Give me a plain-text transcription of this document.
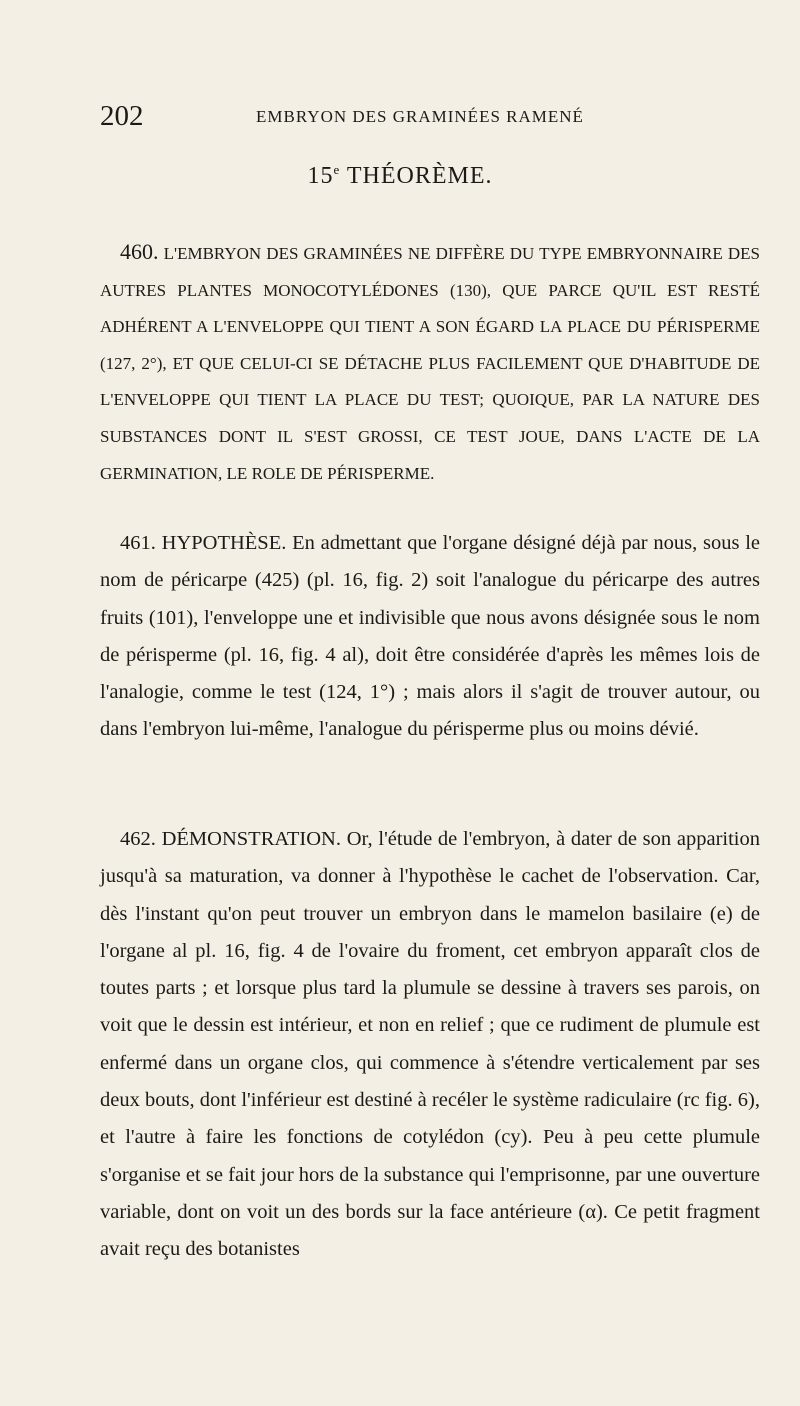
202	EMBRYON DES GRAMINÉES RAMENÉ
15e THÉORÈME.

460. L'EMBRYON DES GRAMINÉES NE DIFFÈRE DU TYPE EMBRYONNAIRE DES AUTRES PLANTES MONOCOTYLÉDONES (130), QUE PARCE QU'IL EST RESTÉ ADHÉRENT A L'ENVELOPPE QUI TIENT A SON ÉGARD LA PLACE DU PÉRISPERME (127, 2°), ET QUE CELUI-CI SE DÉTACHE PLUS FACILEMENT QUE D'HABITUDE DE L'ENVELOPPE QUI TIENT LA PLACE DU TEST; QUOIQUE, PAR LA NATURE DES SUBSTANCES DONT IL S'EST GROSSI, CE TEST JOUE, DANS L'ACTE DE LA GERMINATION, LE ROLE DE PÉRISPERME.

461. HYPOTHÈSE. En admettant que l'organe désigné déjà par nous, sous le nom de péricarpe (425) (pl. 16, fig. 2) soit l'analogue du péricarpe des autres fruits (101), l'enveloppe une et indivisible que nous avons désignée sous le nom de périsperme (pl. 16, fig. 4 al), doit être considérée d'après les mêmes lois de l'analogie, comme le test (124, 1°) ; mais alors il s'agit de trouver autour, ou dans l'embryon lui-même, l'analogue du périsperme plus ou moins dévié.

462. DÉMONSTRATION. Or, l'étude de l'embryon, à dater de son apparition jusqu'à sa maturation, va donner à l'hypothèse le cachet de l'observation. Car, dès l'instant qu'on peut trouver un embryon dans le mamelon basilaire (e) de l'organe al pl. 16, fig. 4 de l'ovaire du froment, cet embryon apparaît clos de toutes parts ; et lorsque plus tard la plumule se dessine à travers ses parois, on voit que le dessin est intérieur, et non en relief ; que ce rudiment de plumule est enfermé dans un organe clos, qui commence à s'étendre verticalement par ses deux bouts, dont l'inférieur est destiné à recéler le système radiculaire (rc fig. 6), et l'autre à faire les fonctions de cotylédon (cy). Peu à peu cette plumule s'organise et se fait jour hors de la substance qui l'emprisonne, par une ouverture variable, dont on voit un des bords sur la face antérieure (α). Ce petit fragment avait reçu des botanistes
